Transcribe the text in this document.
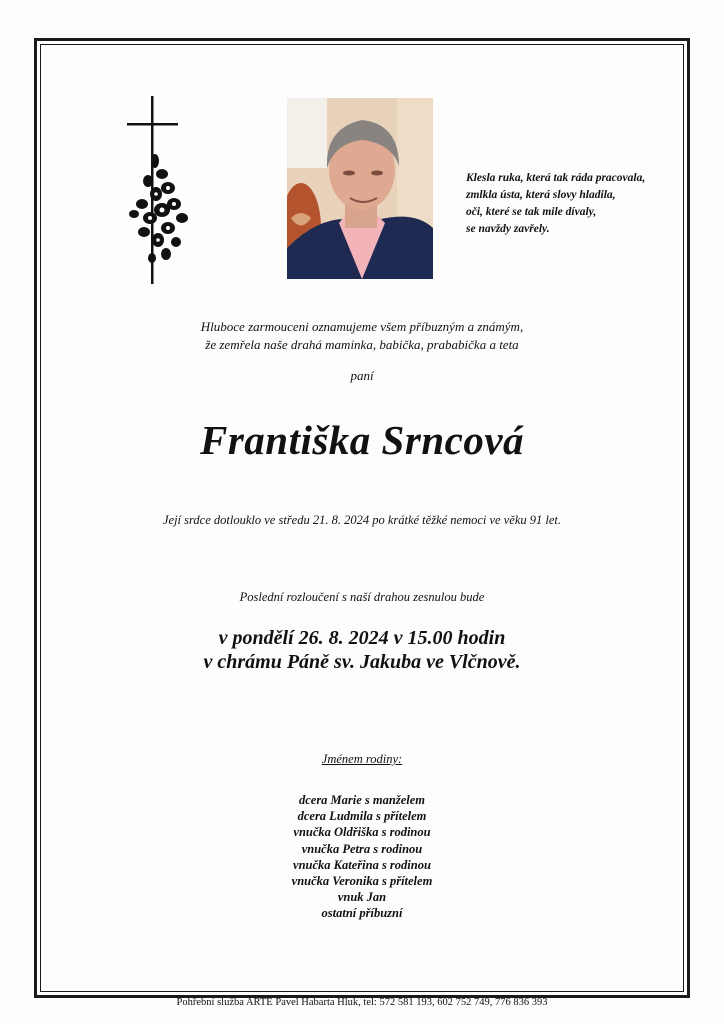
Klesla ruka, která tak ráda pracovala,
zmlkla ústa, která slovy hladila,
oči, které se tak mile dívaly,
se navždy zavřely.
Hluboce zarmouceni oznamujeme všem příbuzným a známým,
že zemřela naše drahá maminka, babička, prababička a teta
paní
Františka Srncová
Její srdce dotlouklo ve středu 21. 8. 2024 po krátké těžké nemoci ve věku 91 let.
Poslední rozloučení s naší drahou zesnulou bude
v pondělí 26. 8. 2024 v 15.00 hodin
v chrámu Páně sv. Jakuba ve Vlčnově.
Jménem rodiny:
dcera Marie s manželem
dcera Ludmila s přítelem
vnučka Oldřiška s rodinou
vnučka Petra s rodinou
vnučka Kateřina s rodinou
vnučka Veronika s přítelem
vnuk Jan
ostatní příbuzní
Pohřební služba ARTE Pavel Habarta Hluk, tel: 572 581 193, 602 752 749, 776 836 393
